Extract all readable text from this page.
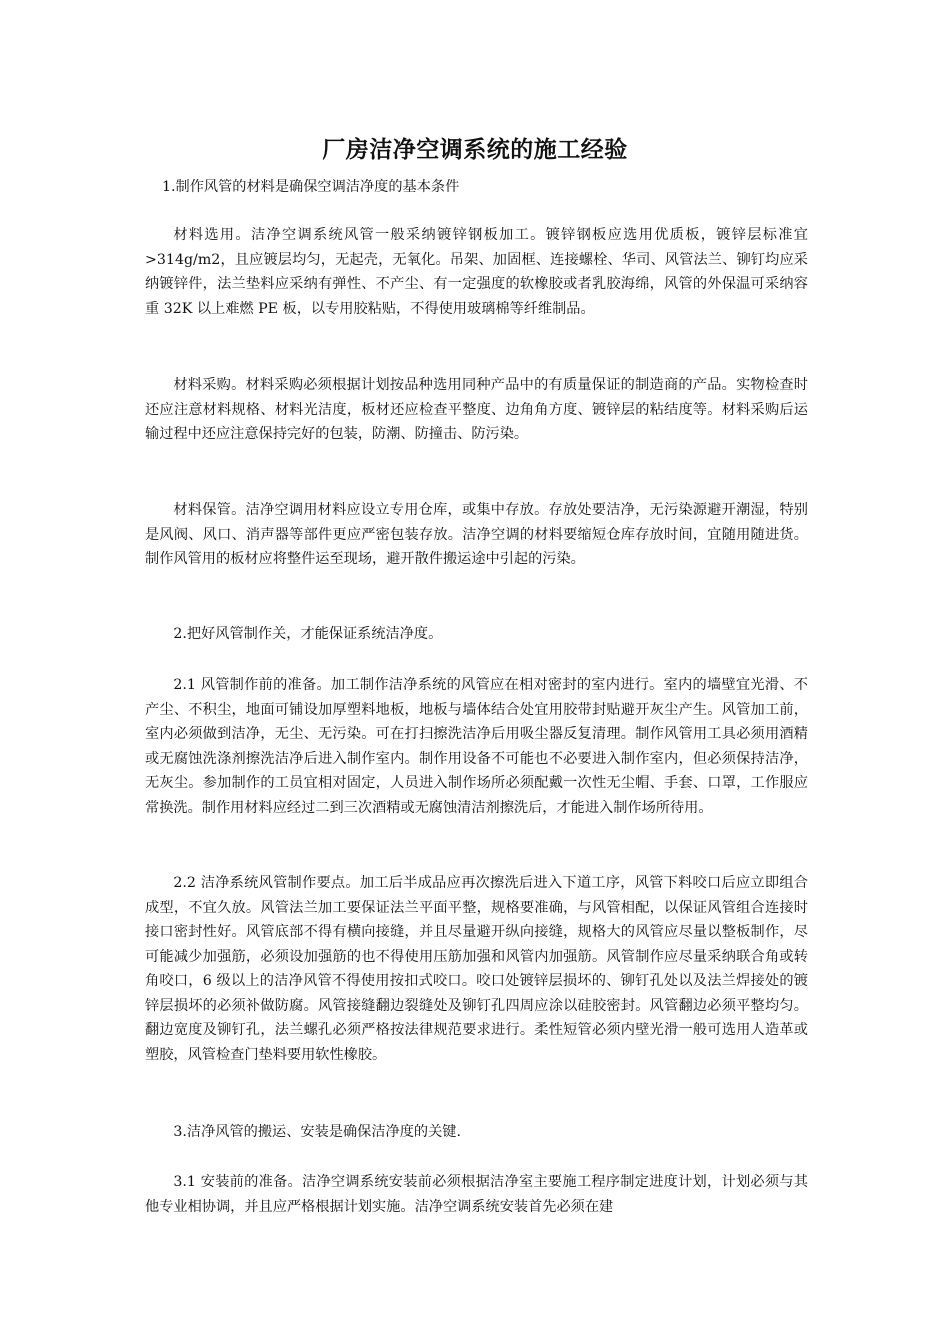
厂房洁净空调系统的施工经验
1.制作风管的材料是确保空调洁净度的基本条件

材料选用。洁净空调系统风管一般采纳镀锌钢板加工。镀锌钢板应选用优质板，镀锌层标准宜>314g/m2，且应镀层均匀，无起壳，无氧化。吊架、加固框、连接螺栓、华司、风管法兰、铆钉均应采纳镀锌件，法兰垫料应采纳有弹性、不产尘、有一定强度的软橡胶或者乳胶海绵，风管的外保温可采纳容重 32K 以上难燃 PE 板，以专用胶粘贴，不得使用玻璃棉等纤维制品。

材料采购。材料采购必须根据计划按品种选用同种产品中的有质量保证的制造商的产品。实物检查时还应注意材料规格、材料光洁度，板材还应检查平整度、边角角方度、镀锌层的粘结度等。材料采购后运输过程中还应注意保持完好的包装，防潮、防撞击、防污染。

材料保管。洁净空调用材料应设立专用仓库，或集中存放。存放处要洁净，无污染源避开潮湿，特别是风阀、风口、消声器等部件更应严密包装存放。洁净空调的材料要缩短仓库存放时间，宜随用随进货。制作风管用的板材应将整件运至现场，避开散件搬运途中引起的污染。

2.把好风管制作关，才能保证系统洁净度。

2.1 风管制作前的准备。加工制作洁净系统的风管应在相对密封的室内进行。室内的墙壁宜光滑、不产尘、不积尘，地面可铺设加厚塑料地板，地板与墙体结合处宜用胶带封贴避开灰尘产生。风管加工前，室内必须做到洁净，无尘、无污染。可在打扫擦洗洁净后用吸尘器反复清理。制作风管用工具必须用酒精或无腐蚀洗涤剂擦洗洁净后进入制作室内。制作用设备不可能也不必要进入制作室内，但必须保持洁净，无灰尘。参加制作的工员宜相对固定，人员进入制作场所必须配戴一次性无尘帽、手套、口罩，工作服应常换洗。制作用材料应经过二到三次酒精或无腐蚀清洁剂擦洗后，才能进入制作场所待用。

2.2 洁净系统风管制作要点。加工后半成品应再次擦洗后进入下道工序，风管下料咬口后应立即组合成型，不宜久放。风管法兰加工要保证法兰平面平整，规格要准确，与风管相配，以保证风管组合连接时接口密封性好。风管底部不得有横向接缝，并且尽量避开纵向接缝，规格大的风管应尽量以整板制作，尽可能减少加强筋，必须设加强筋的也不得使用压筋加强和风管内加强筋。风管制作应尽量采纳联合角或转角咬口，6 级以上的洁净风管不得使用按扣式咬口。咬口处镀锌层损坏的、铆钉孔处以及法兰焊接处的镀锌层损坏的必须补做防腐。风管接缝翻边裂缝处及铆钉孔四周应涂以硅胶密封。风管翻边必须平整均匀。翻边宽度及铆钉孔，法兰螺孔必须严格按法律规范要求进行。柔性短管必须内壁光滑一般可选用人造革或塑胶，风管检查门垫料要用软性橡胶。

3.洁净风管的搬运、安装是确保洁净度的关键.

3.1 安装前的准备。洁净空调系统安装前必须根据洁净室主要施工程序制定进度计划，计划必须与其他专业相协调，并且应严格根据计划实施。洁净空调系统安装首先必须在建
